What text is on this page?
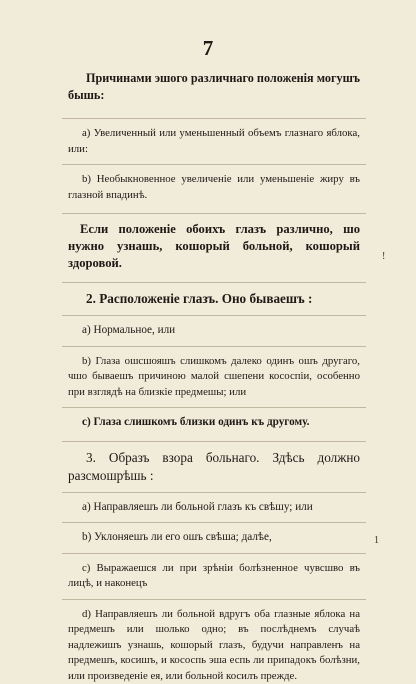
7

Причинами эшого различнаго положенія могушъ бышь:

a) Увеличенный или уменьшенный объемъ глазнаго яблока, или:

b) Необыкновенное увеличеніе или уменьшеніе жиру въ глазной впадинѣ.

Если положеніе обоихъ глазъ различно, шо нужно узнашь, кошорый больной, кошорый здоровой.

2. Расположеніе глазъ. Оно бываешъ :

a) Нормальное, или

b) Глаза ошсшояшъ слишкомъ далеко одинъ ошъ другаго, чшо бываешъ причиною малой сшепени кососпіи, особенно при взглядѣ на близкіе предмешы; или

c) Глаза слишкомъ близки одинъ къ другому.

3. Образъ взора больнаго. Здѣсь должно разсмошрѣшь :

a) Направляешъ ли больной глазъ къ свѣшу; или

b) Уклоняешъ ли его ошъ свѣша; далѣе,

c) Выражаешся ли при зрѣніи болѣзненное чувсшво въ лицѣ, и наконецъ

d) Направляешъ ли больной вдругъ оба глазные яблока на предмешъ или шолько одно; въ послѣднемъ случаѣ надлежишъ узнашь, кошорый глазъ, будучи направленъ на предмешъ, косишъ, и кососпь эша еспь ли припадокъ болѣзни, или произведеніе ея, или больной косилъ прежде.

!
1
